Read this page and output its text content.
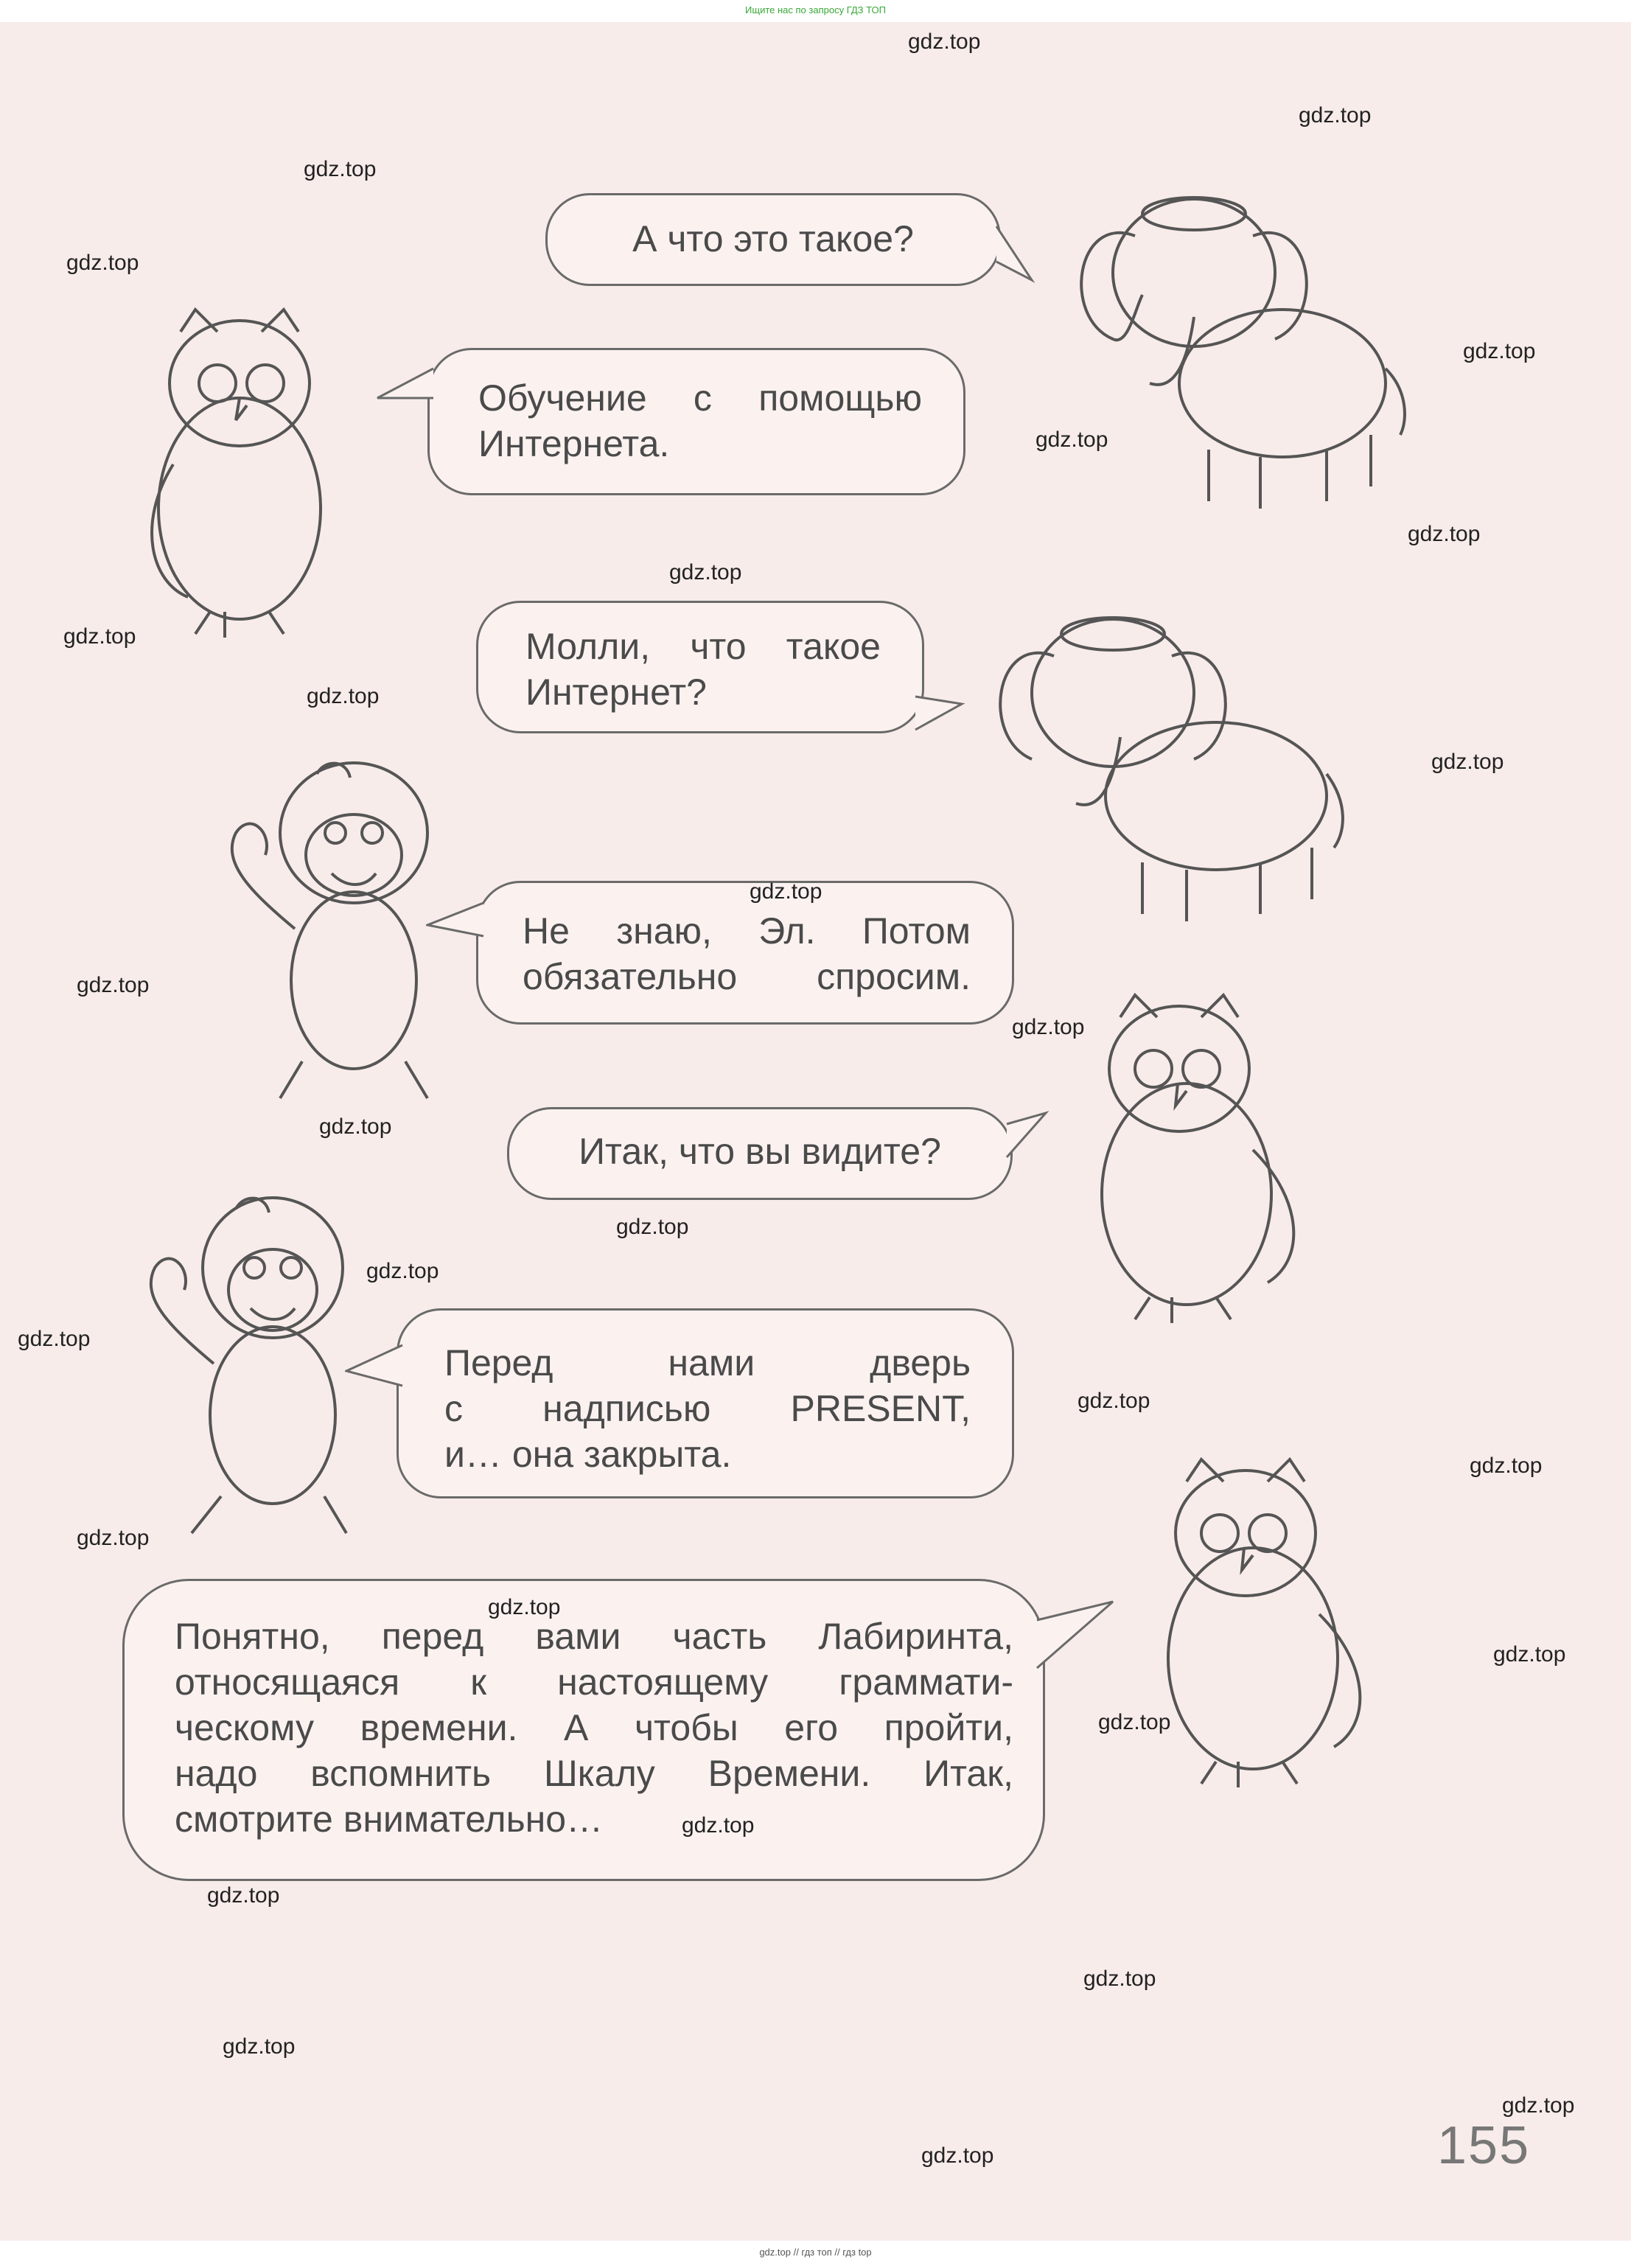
Ищите нас по запросу ГДЗ ТОП
А что это такое?
Обучение с помощью
Интернета.
Молли, что такое
Интернет?
Не знаю, Эл. Потом
обязательно спросим.
Итак, что вы видите?
Перед нами дверь
с надписью PRESENT,
и… она закрыта.
Понятно, перед вами часть Лабиринта,
относящаяся к настоящему граммати-
ческому времени. А чтобы его пройти,
надо вспомнить Шкалу Времени. Итак,
смотрите внимательно…
gdz.top
gdz.top
gdz.top
gdz.top
gdz.top
gdz.top
gdz.top
gdz.top
gdz.top
gdz.top
gdz.top
gdz.top
gdz.top
gdz.top
gdz.top
gdz.top
gdz.top
gdz.top
gdz.top
gdz.top
gdz.top
gdz.top
gdz.top
gdz.top
gdz.top
gdz.top
gdz.top
gdz.top
gdz.top
gdz.top	155
gdz.top // гдз топ // гдз top
